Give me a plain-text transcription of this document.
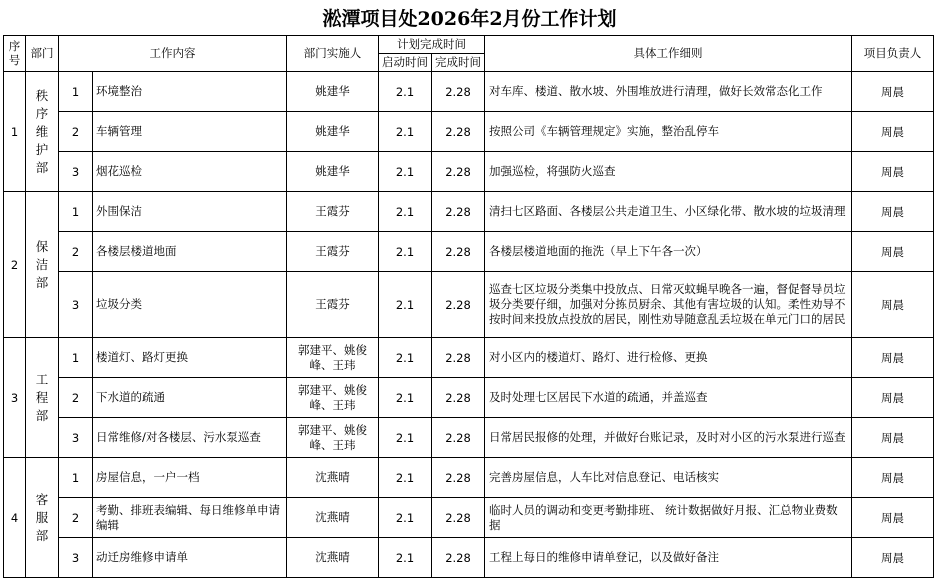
淞潭项目处2026年2月份工作计划
序号	部门	工作内容		部门实施人	计划完成时间		具体工作细则	项目负责人
					启动时间	完成时间		
1	秩序维护部	1	环境整治	姚建华	2.1	2.28	对车库、楼道、散水坡、外围堆放进行清理，做好长效常态化工作	周晨
		2	车辆管理	姚建华	2.1	2.28	按照公司《车辆管理规定》实施，整治乱停车	周晨
		3	烟花巡检	姚建华	2.1	2.28	加强巡检，将强防火巡查	周晨
2	保洁部	1	外围保洁	王霞芬	2.1	2.28	清扫七区路面、各楼层公共走道卫生、小区绿化带、散水坡的垃圾清理	周晨
		2	各楼层楼道地面	王霞芬	2.1	2.28	各楼层楼道地面的拖洗（早上下午各一次）	周晨
		3	垃圾分类	王霞芬	2.1	2.28	巡查七区垃圾分类集中投放点、日常灭蚊蝇早晚各一遍，督促督导员垃圾分类要仔细，加强对分拣员厨余、其他有害垃圾的认知。柔性劝导不按时间来投放点投放的居民，刚性劝导随意乱丢垃圾在单元门口的居民	周晨
3	工程部	1	楼道灯、路灯更换	郭建平、姚俊峰、王玮	2.1	2.28	对小区内的楼道灯、路灯、进行检修、更换	周晨
		2	下水道的疏通	郭建平、姚俊峰、王玮	2.1	2.28	及时处理七区居民下水道的疏通，并盖巡查	周晨
		3	日常维修/对各楼层、污水泵巡查	郭建平、姚俊峰、王玮	2.1	2.28	日常居民报修的处理，并做好台账记录，及时对小区的污水泵进行巡查	周晨
4	客服部	1	房屋信息，一户一档	沈燕晴	2.1	2.28	完善房屋信息，人车比对信息登记、电话核实	周晨
		2	考勤、排班表编辑、每日维修单申请编辑	沈燕晴	2.1	2.28	临时人员的调动和变更考勤排班、 统计数据做好月报、汇总物业费数据	周晨
		3	动迁房维修申请单	沈燕晴	2.1	2.28	工程上每日的维修申请单登记，以及做好备注	周晨
